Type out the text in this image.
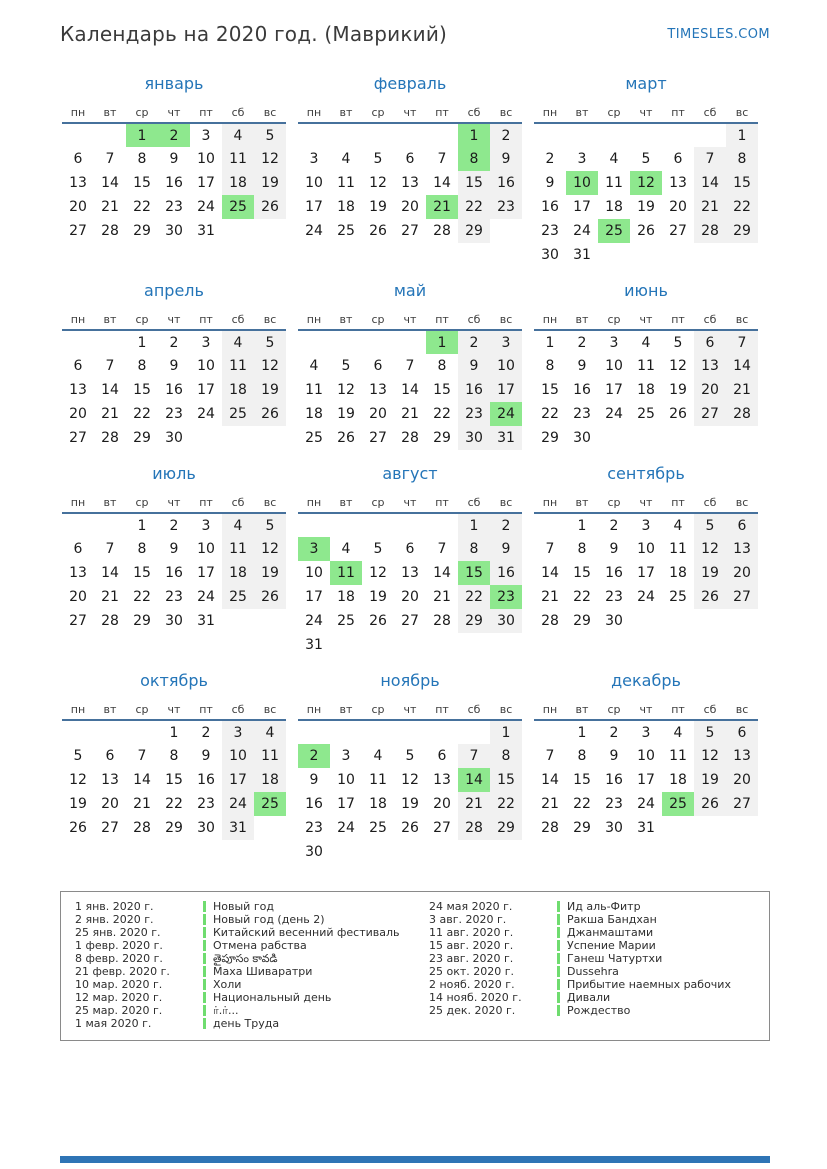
Календарь на 2020 год. (Маврикий)	TIMESLES.COM
январь
пн	вт	ср	чт	пт	сб	вс
		1	2	3	4	5
6	7	8	9	10	11	12
13	14	15	16	17	18	19
20	21	22	23	24	25	26
27	28	29	30	31		
февраль
пн	вт	ср	чт	пт	сб	вс
					1	2
3	4	5	6	7	8	9
10	11	12	13	14	15	16
17	18	19	20	21	22	23
24	25	26	27	28	29	
март
пн	вт	ср	чт	пт	сб	вс
						1
2	3	4	5	6	7	8
9	10	11	12	13	14	15
16	17	18	19	20	21	22
23	24	25	26	27	28	29
30	31					
апрель
пн	вт	ср	чт	пт	сб	вс
		1	2	3	4	5
6	7	8	9	10	11	12
13	14	15	16	17	18	19
20	21	22	23	24	25	26
27	28	29	30			
май
пн	вт	ср	чт	пт	сб	вс
				1	2	3
4	5	6	7	8	9	10
11	12	13	14	15	16	17
18	19	20	21	22	23	24
25	26	27	28	29	30	31
июнь
пн	вт	ср	чт	пт	сб	вс
1	2	3	4	5	6	7
8	9	10	11	12	13	14
15	16	17	18	19	20	21
22	23	24	25	26	27	28
29	30					
июль
пн	вт	ср	чт	пт	сб	вс
		1	2	3	4	5
6	7	8	9	10	11	12
13	14	15	16	17	18	19
20	21	22	23	24	25	26
27	28	29	30	31		
август
пн	вт	ср	чт	пт	сб	вс
					1	2
3	4	5	6	7	8	9
10	11	12	13	14	15	16
17	18	19	20	21	22	23
24	25	26	27	28	29	30
31						
сентябрь
пн	вт	ср	чт	пт	сб	вс
	1	2	3	4	5	6
7	8	9	10	11	12	13
14	15	16	17	18	19	20
21	22	23	24	25	26	27
28	29	30				
октябрь
пн	вт	ср	чт	пт	сб	вс
			1	2	3	4
5	6	7	8	9	10	11
12	13	14	15	16	17	18
19	20	21	22	23	24	25
26	27	28	29	30	31	
ноябрь
пн	вт	ср	чт	пт	сб	вс
						1
2	3	4	5	6	7	8
9	10	11	12	13	14	15
16	17	18	19	20	21	22
23	24	25	26	27	28	29
30						
декабрь
пн	вт	ср	чт	пт	сб	вс
	1	2	3	4	5	6
7	8	9	10	11	12	13
14	15	16	17	18	19	20
21	22	23	24	25	26	27
28	29	30	31			
1 янв. 2020 г.	Новый год
2 янв. 2020 г.	Новый год (день 2)
25 янв. 2020 г.	Китайский весенний фестиваль
1 февр. 2020 г.	Отмена рабства
8 февр. 2020 г.	తైపూసం కావడి
21 февр. 2020 г.	Маха Шиваратри
10 мар. 2020 г.	Холи
12 мар. 2020 г.	Национальный день
25 мар. 2020 г.	ர்.ர்...
1 мая 2020 г.	день Труда
24 мая 2020 г.	Ид аль-Фитр
3 авг. 2020 г.	Ракша Бандхан
11 авг. 2020 г.	Джанмаштами
15 авг. 2020 г.	Успение Марии
23 авг. 2020 г.	Ганеш Чатуртхи
25 окт. 2020 г.	Dussehra
2 нояб. 2020 г.	Прибытие наемных рабочих
14 нояб. 2020 г.	Дивали
25 дек. 2020 г.	Рождество
